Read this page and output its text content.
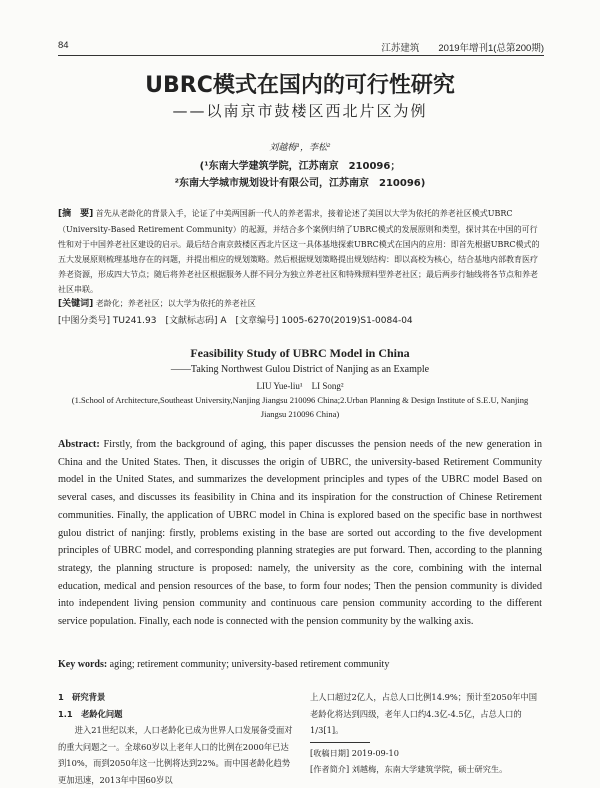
84	江苏建筑　　2019年增刊1(总第200期)
UBRC模式在国内的可行性研究
——以南京市鼓楼区西北片区为例
刘越梅¹，李松²
(¹东南大学建筑学院，江苏南京　210096；
²东南大学城市规划设计有限公司，江苏南京　210096)
[摘　要] 首先从老龄化的背景入手，论证了中美两国新一代人的养老需求，接着论述了美国以大学为依托的养老社区模式UBRC（University-Based Retirement Community）的起源，并结合多个案例归纳了UBRC模式的发展原则和类型，探讨其在中国的可行性和对于中国养老社区建设的启示。最后结合南京鼓楼区西北片区这一具体基地探索UBRC模式在国内的应用：即首先根据UBRC模式的五大发展原则梳理基地存在的问题，并提出相应的规划策略。然后根据规划策略提出规划结构：即以高校为核心，结合基地内部教育医疗养老资源，形成四大节点；随后将养老社区根据服务人群不同分为独立养老社区和特殊照料型养老社区；最后两步行轴线将各节点和养老社区串联。
[关键词] 老龄化；养老社区；以大学为依托的养老社区
[中图分类号] TU241.93　[文献标志码] A　[文章编号] 1005-6270(2019)S1-0084-04
Feasibility Study of UBRC Model in China
——Taking Northwest Gulou District of Nanjing as an Example
LIU Yue-liu¹　LI Song²
(1.School of Architecture,Southeast University,Nanjing Jiangsu 210096 China;2.Urban Planning & Design Institute of S.E.U, Nanjing Jiangsu 210096 China)
Abstract: Firstly, from the background of aging, this paper discusses the pension needs of the new generation in China and the United States. Then, it discusses the origin of UBRC, the university-based Retirement Community model in the United States, and summarizes the development principles and types of the UBRC model Based on several cases, and discusses its feasibility in China and its inspiration for the construction of Chinese Retirement communities. Finally, the application of UBRC model in China is explored based on the specific base in northwest gulou district of nanjing: firstly, problems existing in the base are sorted out according to the five development principles of UBRC model, and corresponding planning strategies are put forward. Then, according to the planning strategy, the planning structure is proposed: namely, the university as the core, combining with the internal education, medical and pension resources of the base, to form four nodes; Then the pension community is divided into independent living pension community and continuous care pension community according to the different service population. Finally, each node is connected with the pension community by the walking axis.
Key words: aging; retirement community; university-based retirement community

1　研究背景

1.1　老龄化问题

进入21世纪以来，人口老龄化已成为世界人口发展备受面对的重大问题之一。全球60岁以上老年人口的比例在2000年已达到10%，而到2050年这一比例将达到22%。而中国老龄化趋势更加迅速，2013年中国60岁以

上人口超过2亿人，占总人口比例14.9%；预计至2050年中国老龄化将达到四级，老年人口约4.3亿-4.5亿，占总人口的1/3[1]。

[收稿日期] 2019-09-10

[作者简介] 刘越梅，东南大学建筑学院，硕士研究生。
